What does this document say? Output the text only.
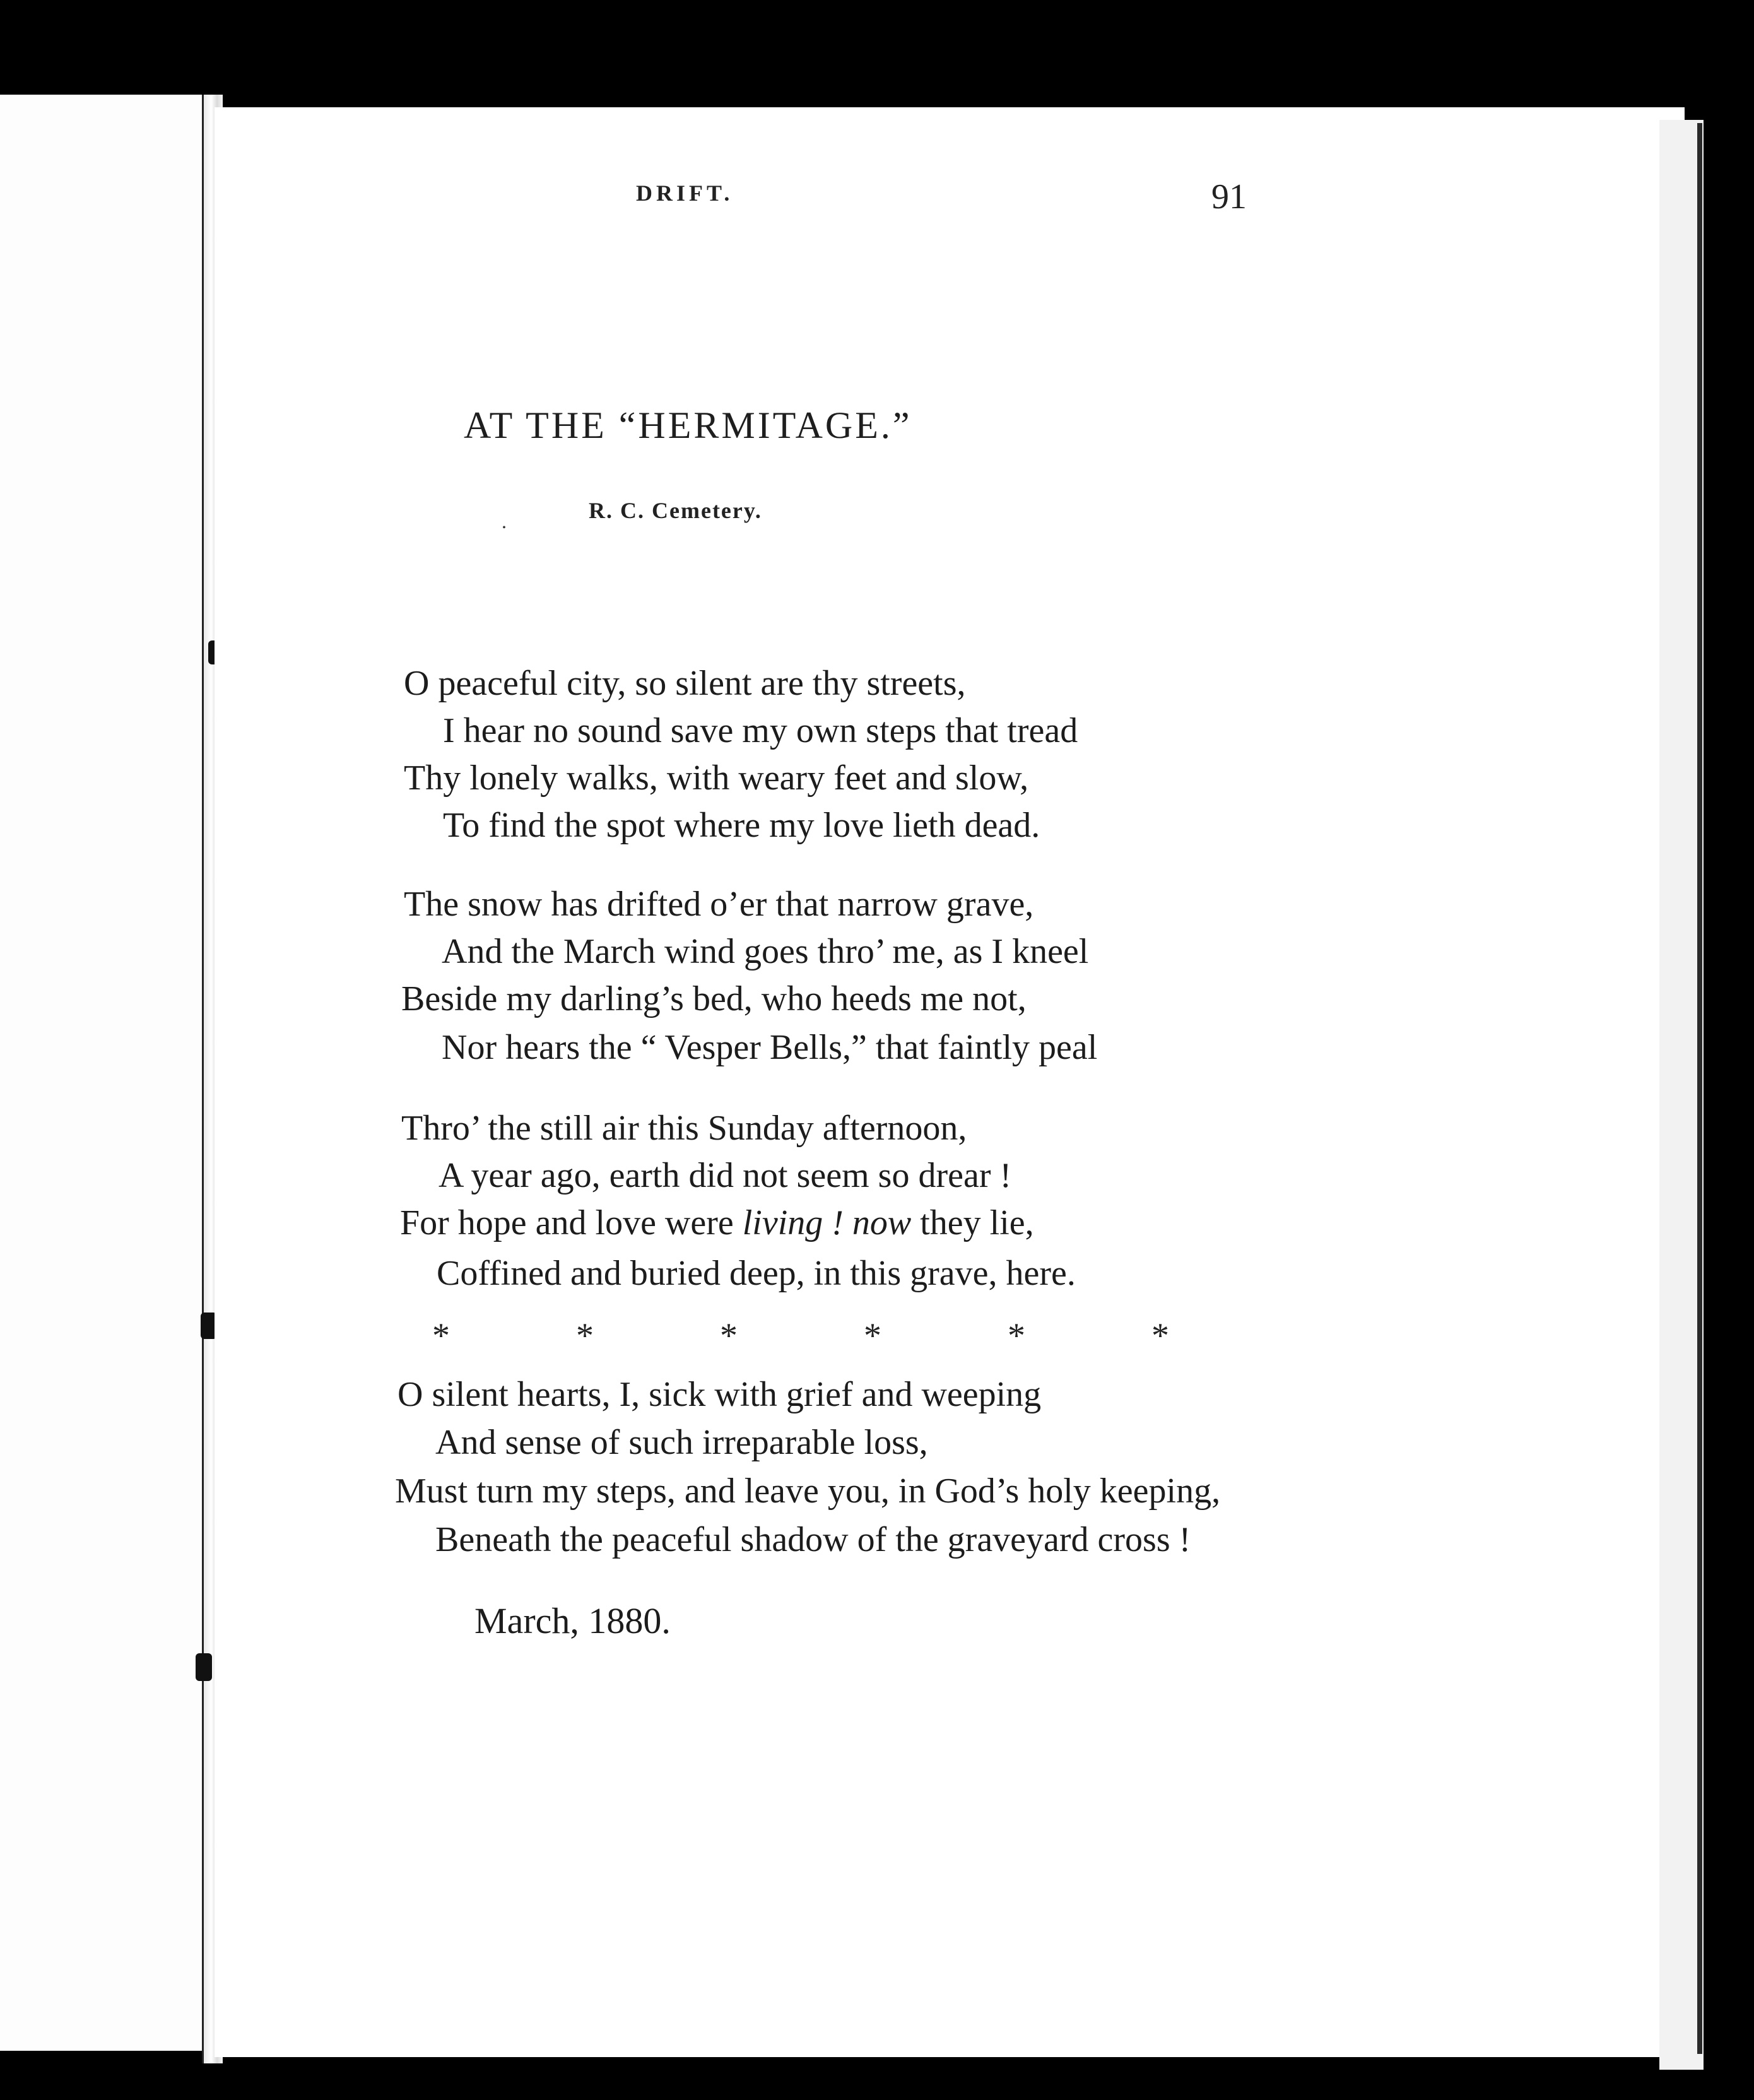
DRIFT.	91
AT THE “HERMITAGE.”
.	R. C. Cemetery.
O peaceful city, so silent are thy streets,
I hear no sound save my own steps that tread
Thy lonely walks, with weary feet and slow,
To find the spot where my love lieth dead.
The snow has drifted o’er that narrow grave,
And the March wind goes thro’ me, as I kneel
Beside my darling’s bed, who heeds me not,
Nor hears the “ Vesper Bells,” that faintly peal
Thro’ the still air this Sunday afternoon,
A year ago, earth did not seem so drear !
For hope and love were living ! now they lie,
Coffined and buried deep, in this grave, here.
*	*	*	*	*	*
O silent hearts, I, sick with grief and weeping
And sense of such irreparable loss,
Must turn my steps, and leave you, in God’s holy keeping,
Beneath the peaceful shadow of the graveyard cross !
March, 1880.
